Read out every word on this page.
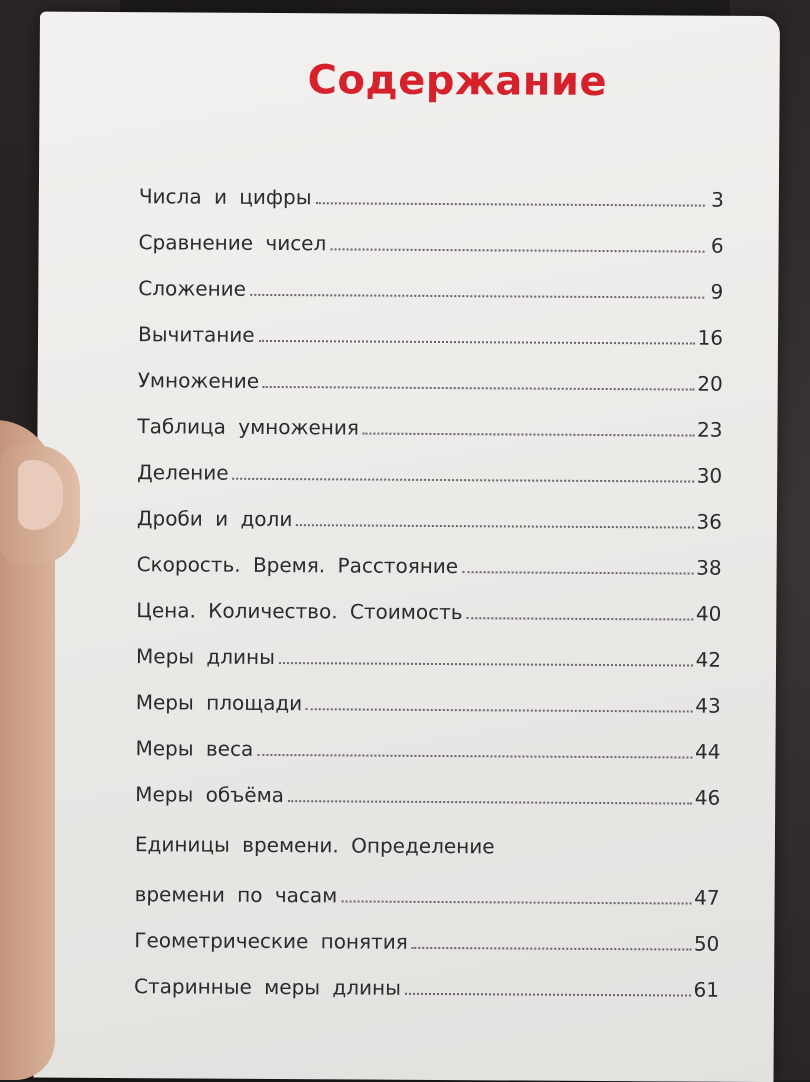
Содержание
Числа и цифры	3
Сравнение чисел	6
Сложение	9
Вычитание	16
Умножение	20
Таблица умножения	23
Деление	30
Дроби и доли	36
Скорость. Время. Расстояние	38
Цена. Количество. Стоимость	40
Меры длины	42
Меры площади	43
Меры веса	44
Меры объёма	46
Единицы времени. Определение
времени по часам	47
Геометрические понятия	50
Старинные меры длины	61
